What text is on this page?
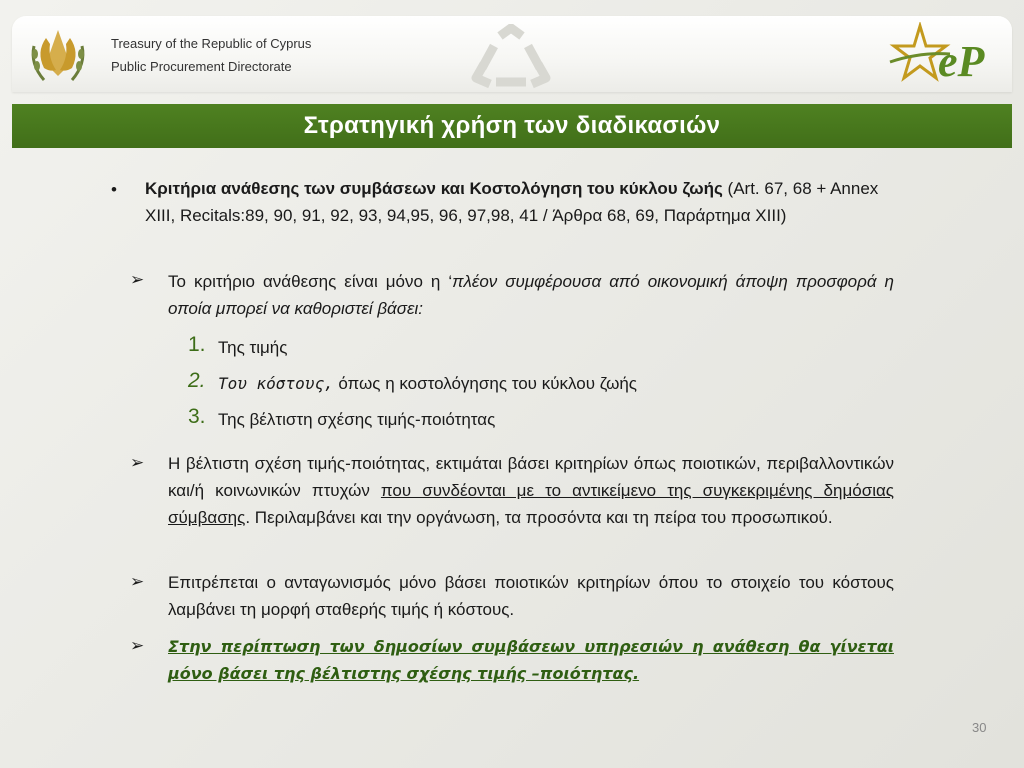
Treasury of the Republic of Cyprus
Public Procurement Directorate	eP
Στρατηγική χρήση των διαδικασιών
• Κριτήρια ανάθεσης των συμβάσεων και Κοστολόγηση του κύκλου ζωής (Art. 67, 68 + Annex XIII, Recitals:89, 90, 91, 92, 93, 94,95, 96, 97,98, 41 / Άρθρα 68, 69, Παράρτημα XIII)
➢	Το κριτήριο ανάθεσης είναι μόνο η ‘πλέον συμφέρουσα από οικονομική άποψη προσφορά η οποία μπορεί να καθοριστεί βάσει:
1. Της τιμής
2. Του κόστους, όπως η κοστολόγησης του κύκλου ζωής
3. Της βέλτιστη σχέσης τιμής-ποιότητας
➢	Η βέλτιστη σχέση τιμής-ποιότητας, εκτιμάται βάσει κριτηρίων όπως ποιοτικών, περιβαλλοντικών και/ή κοινωνικών πτυχών που συνδέονται με το αντικείμενο της συγκεκριμένης δημόσιας σύμβασης. Περιλαμβάνει και την οργάνωση, τα προσόντα και τη πείρα του προσωπικού.
➢	Επιτρέπεται ο ανταγωνισμός μόνο βάσει ποιοτικών κριτηρίων όπου το στοιχείο του κόστους λαμβάνει τη μορφή σταθερής τιμής ή κόστους.
➢	Στην περίπτωση των δημοσίων συμβάσεων υπηρεσιών η ανάθεση θα γίνεται μόνο βάσει της βέλτιστης σχέσης τιμής –ποιότητας.
30
